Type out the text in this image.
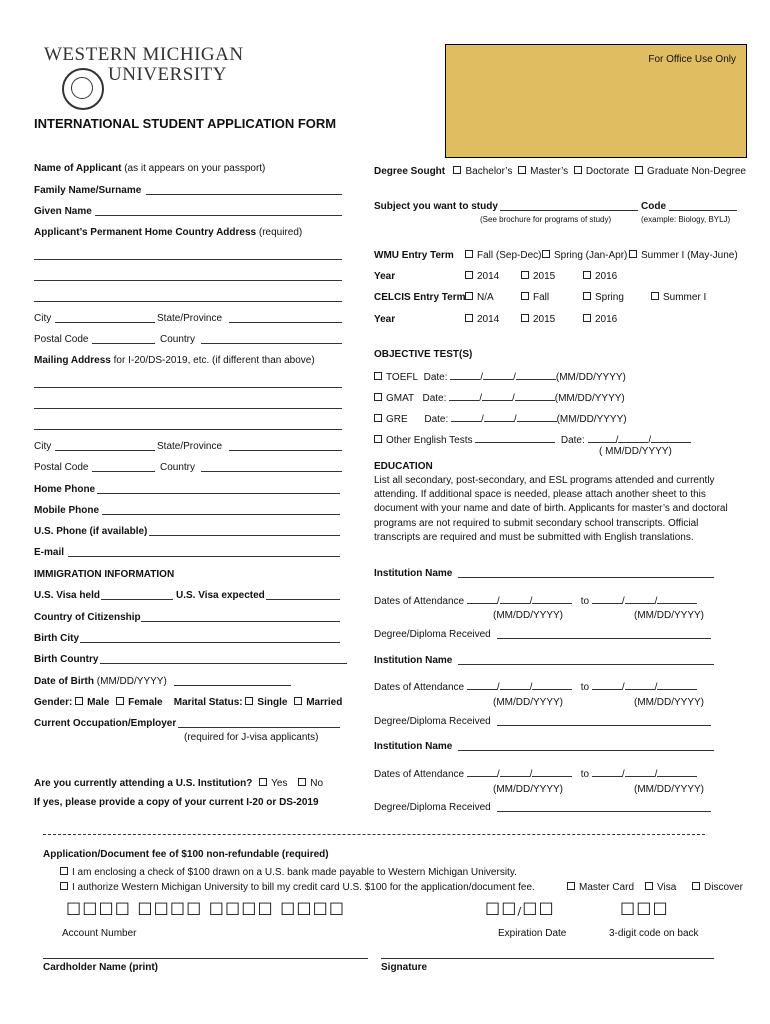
WESTERN MICHIGAN
UNIVERSITY
For Office Use Only
INTERNATIONAL STUDENT APPLICATION FORM
Name of Applicant (as it appears on your passport)
Family Name/Surname
Given Name
Applicant’s Permanent Home Country Address (required)
City	State/Province
Postal Code	Country
Mailing Address for I-20/DS-2019, etc. (if different than above)
City	State/Province
Postal Code	Country
Home Phone
Mobile Phone
U.S. Phone (if available)
E-mail
IMMIGRATION INFORMATION
U.S. Visa held	U.S. Visa expected
Country of Citizenship
Birth City
Birth Country
Date of Birth (MM/DD/YYYY)
Gender: Male Female Marital Status: Single Married
Current Occupation/Employer
(required for J-visa applicants)
Are you currently attending a U.S. Institution? Yes No
If yes, please provide a copy of your current I-20 or DS-2019
Degree Sought Bachelor’s Master’s Doctorate Graduate Non-Degree
Subject you want to study	Code
(See brochure for programs of study)	(example: Biology, BYLJ)
WMU Entry Term	Fall (Sep-Dec)	Spring (Jan-Apr)	Summer I (May-June)
Year	2014	2015	2016
CELCIS Entry Term	N/A	Fall	Spring	Summer I
Year	2014	2015	2016
OBJECTIVE TEST(S)
TOEFL Date:	/	/	(MM/DD/YYYY)
GMAT Date:	/	/	(MM/DD/YYYY)
GRE Date:	/	/	(MM/DD/YYYY)
Other English Tests	Date:	/	/
( MM/DD/YYYY)
EDUCATION
List all secondary, post-secondary, and ESL programs attended and currently attending. If additional space is needed, please attach another sheet to this document with your name and date of birth. Applicants for master’s and doctoral programs are not required to submit secondary school transcripts. Official transcripts are required and must be submitted with English translations.
Institution Name
Dates of Attendance	/	/	to	/	/
(MM/DD/YYYY)	(MM/DD/YYYY)
Degree/Diploma Received
Institution Name
Dates of Attendance	/	/	to	/	/
(MM/DD/YYYY)	(MM/DD/YYYY)
Degree/Diploma Received
Institution Name
Dates of Attendance	/	/	to	/	/
(MM/DD/YYYY)	(MM/DD/YYYY)
Degree/Diploma Received
Application/Document fee of $100 non-refundable (required)
I am enclosing a check of $100 drawn on a U.S. bank made payable to Western Michigan University.
I authorize Western Michigan University to bill my credit card U.S. $100 for the application/document fee.	Master Card	Visa	Discover
☐☐☐☐ ☐☐☐☐ ☐☐☐☐ ☐☐☐☐	☐☐/☐☐	☐☐☐
Account Number	Expiration Date	3-digit code on back
Cardholder Name (print)	Signature
